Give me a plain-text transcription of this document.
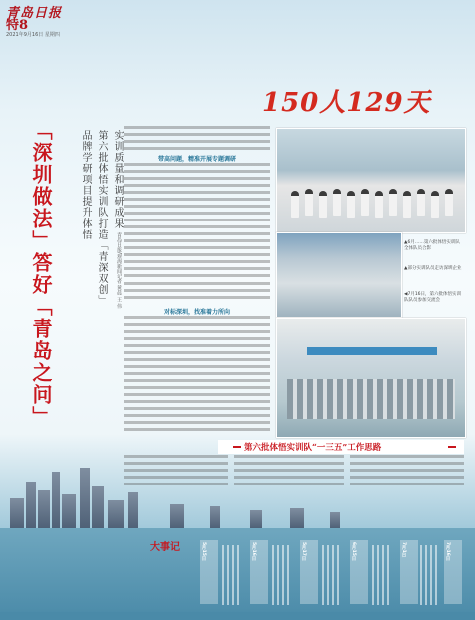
青岛日报
特8
2021年9月16日 星期四
150人129天
「深圳做法」答好「青岛之问」	实训质量和调研成果
第六批体悟实训队打造「青深双创」
品牌学研项目提升体悟
青岛日报/观海新闻记者 黄晨 王 伟
带高问题，精准开展专题调研
对标深圳，找准着力所向
▲6月……第六批体悟实训队全体队员合影
▲部分实训队员走访深圳企业
◀7月16日，第六批体悟实训队队员参加交流会
第六批体悟实训队“一三五”工作思路
大事记	5月15日	5月16日	5月17日	6月15日	7月1日	7月16日
